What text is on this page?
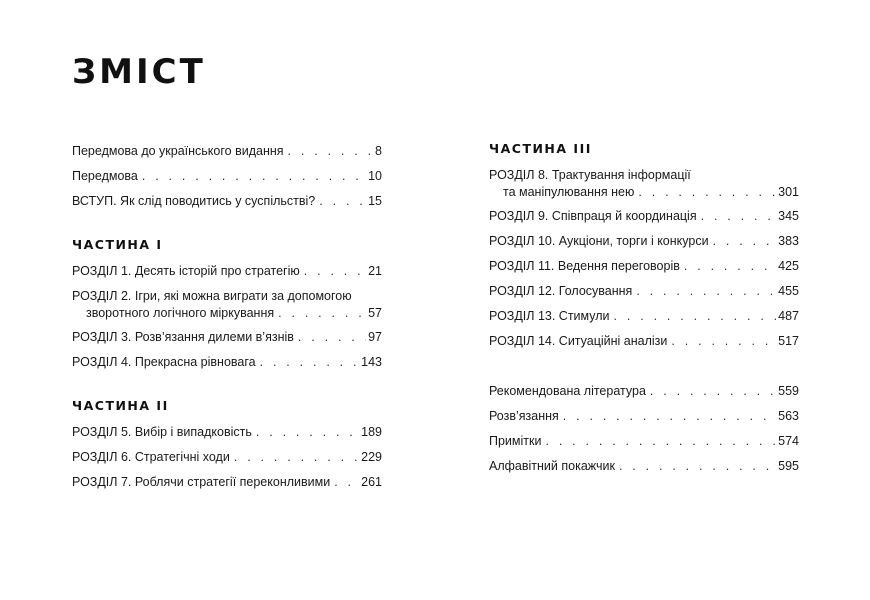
ЗМІСТ
Передмова до українського видання . . .	8
Передмова . . .	10
ВСТУП. Як слід поводитись у суспільстві? . . .	15
ЧАСТИНА I
РОЗДІЛ 1. Десять історій про стратегію . . .	21
РОЗДІЛ 2. Ігри, які можна виграти за допомогою
зворотного логічного міркування . . .	57
РОЗДІЛ 3. Розв’язання дилеми в’язнів . . .	97
РОЗДІЛ 4. Прекрасна рівновага . . .	143
ЧАСТИНА II
РОЗДІЛ 5. Вибір і випадковість . . .	189
РОЗДІЛ 6. Стратегічні ходи . . .	229
РОЗДІЛ 7. Роблячи стратегії переконливими . . . 261
ЧАСТИНА III
РОЗДІЛ 8. Трактування інформації
та маніпулювання нею . . .	301
РОЗДІЛ 9. Співпраця й координація . . .	345
РОЗДІЛ 10. Аукціони, торги і конкурси . . .	383
РОЗДІЛ 11. Ведення переговорів . . .	425
РОЗДІЛ 12. Голосування . . .	455
РОЗДІЛ 13. Стимули . . .	487
РОЗДІЛ 14. Ситуаційні аналізи . . .	517
Рекомендована література . . .	559
Розв’язання . . .	563
Примітки . . .	574
Алфавітний покажчик . . .	595
